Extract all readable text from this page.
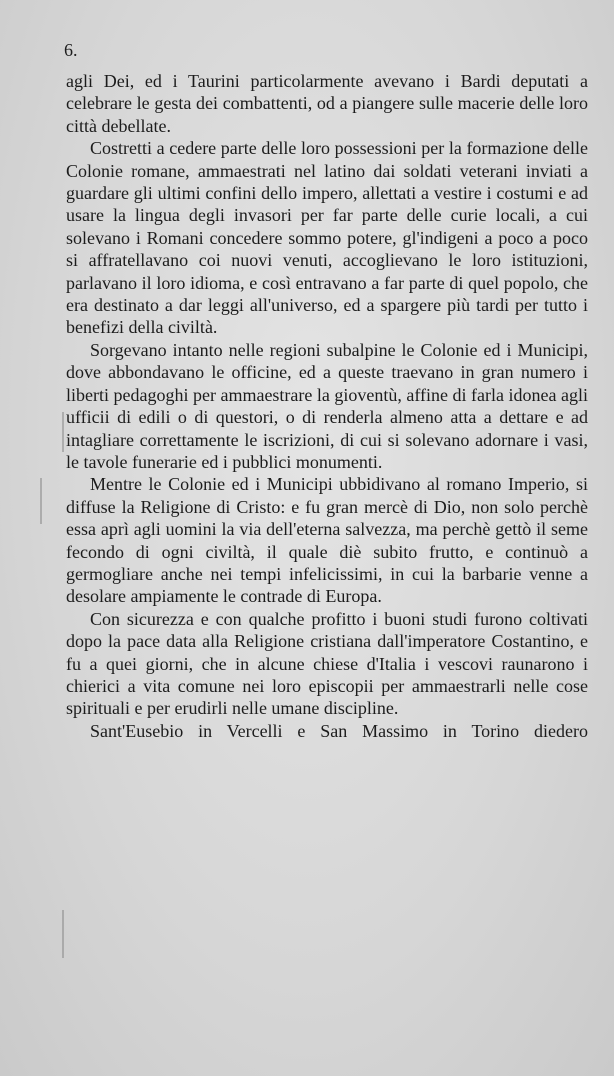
6.

agli Dei, ed i Taurini particolarmente avevano i Bardi deputati a celebrare le gesta dei combattenti, od a piangere sulle macerie delle loro città debellate.

Costretti a cedere parte delle loro possessioni per la formazione delle Colonie romane, ammaestrati nel latino dai soldati veterani inviati a guardare gli ultimi confini dello impero, allettati a vestire i costumi e ad usare la lingua degli invasori per far parte delle curie locali, a cui solevano i Romani concedere sommo potere, gl'indigeni a poco a poco si affratellavano coi nuovi venuti, accoglievano le loro istituzioni, parlavano il loro idioma, e così entravano a far parte di quel popolo, che era destinato a dar leggi all'universo, ed a spargere più tardi per tutto i benefizi della civiltà.

Sorgevano intanto nelle regioni subalpine le Colonie ed i Municipi, dove abbondavano le officine, ed a queste traevano in gran numero i liberti pedagoghi per ammaestrare la gioventù, affine di farla idonea agli ufficii di edili o di questori, o di renderla almeno atta a dettare e ad intagliare correttamente le iscrizioni, di cui si solevano adornare i vasi, le tavole funerarie ed i pubblici monumenti.

Mentre le Colonie ed i Municipi ubbidivano al romano Imperio, si diffuse la Religione di Cristo: e fu gran mercè di Dio, non solo perchè essa aprì agli uomini la via dell'eterna salvezza, ma perchè gettò il seme fecondo di ogni civiltà, il quale diè subito frutto, e continuò a germogliare anche nei tempi infelicissimi, in cui la barbarie venne a desolare ampiamente le contrade di Europa.

Con sicurezza e con qualche profitto i buoni studi furono coltivati dopo la pace data alla Religione cristiana dall'imperatore Costantino, e fu a quei giorni, che in alcune chiese d'Italia i vescovi raunarono i chierici a vita comune nei loro episcopii per ammaestrarli nelle cose spirituali e per erudirli nelle umane discipline.

Sant'Eusebio in Vercelli e San Massimo in Torino diedero
